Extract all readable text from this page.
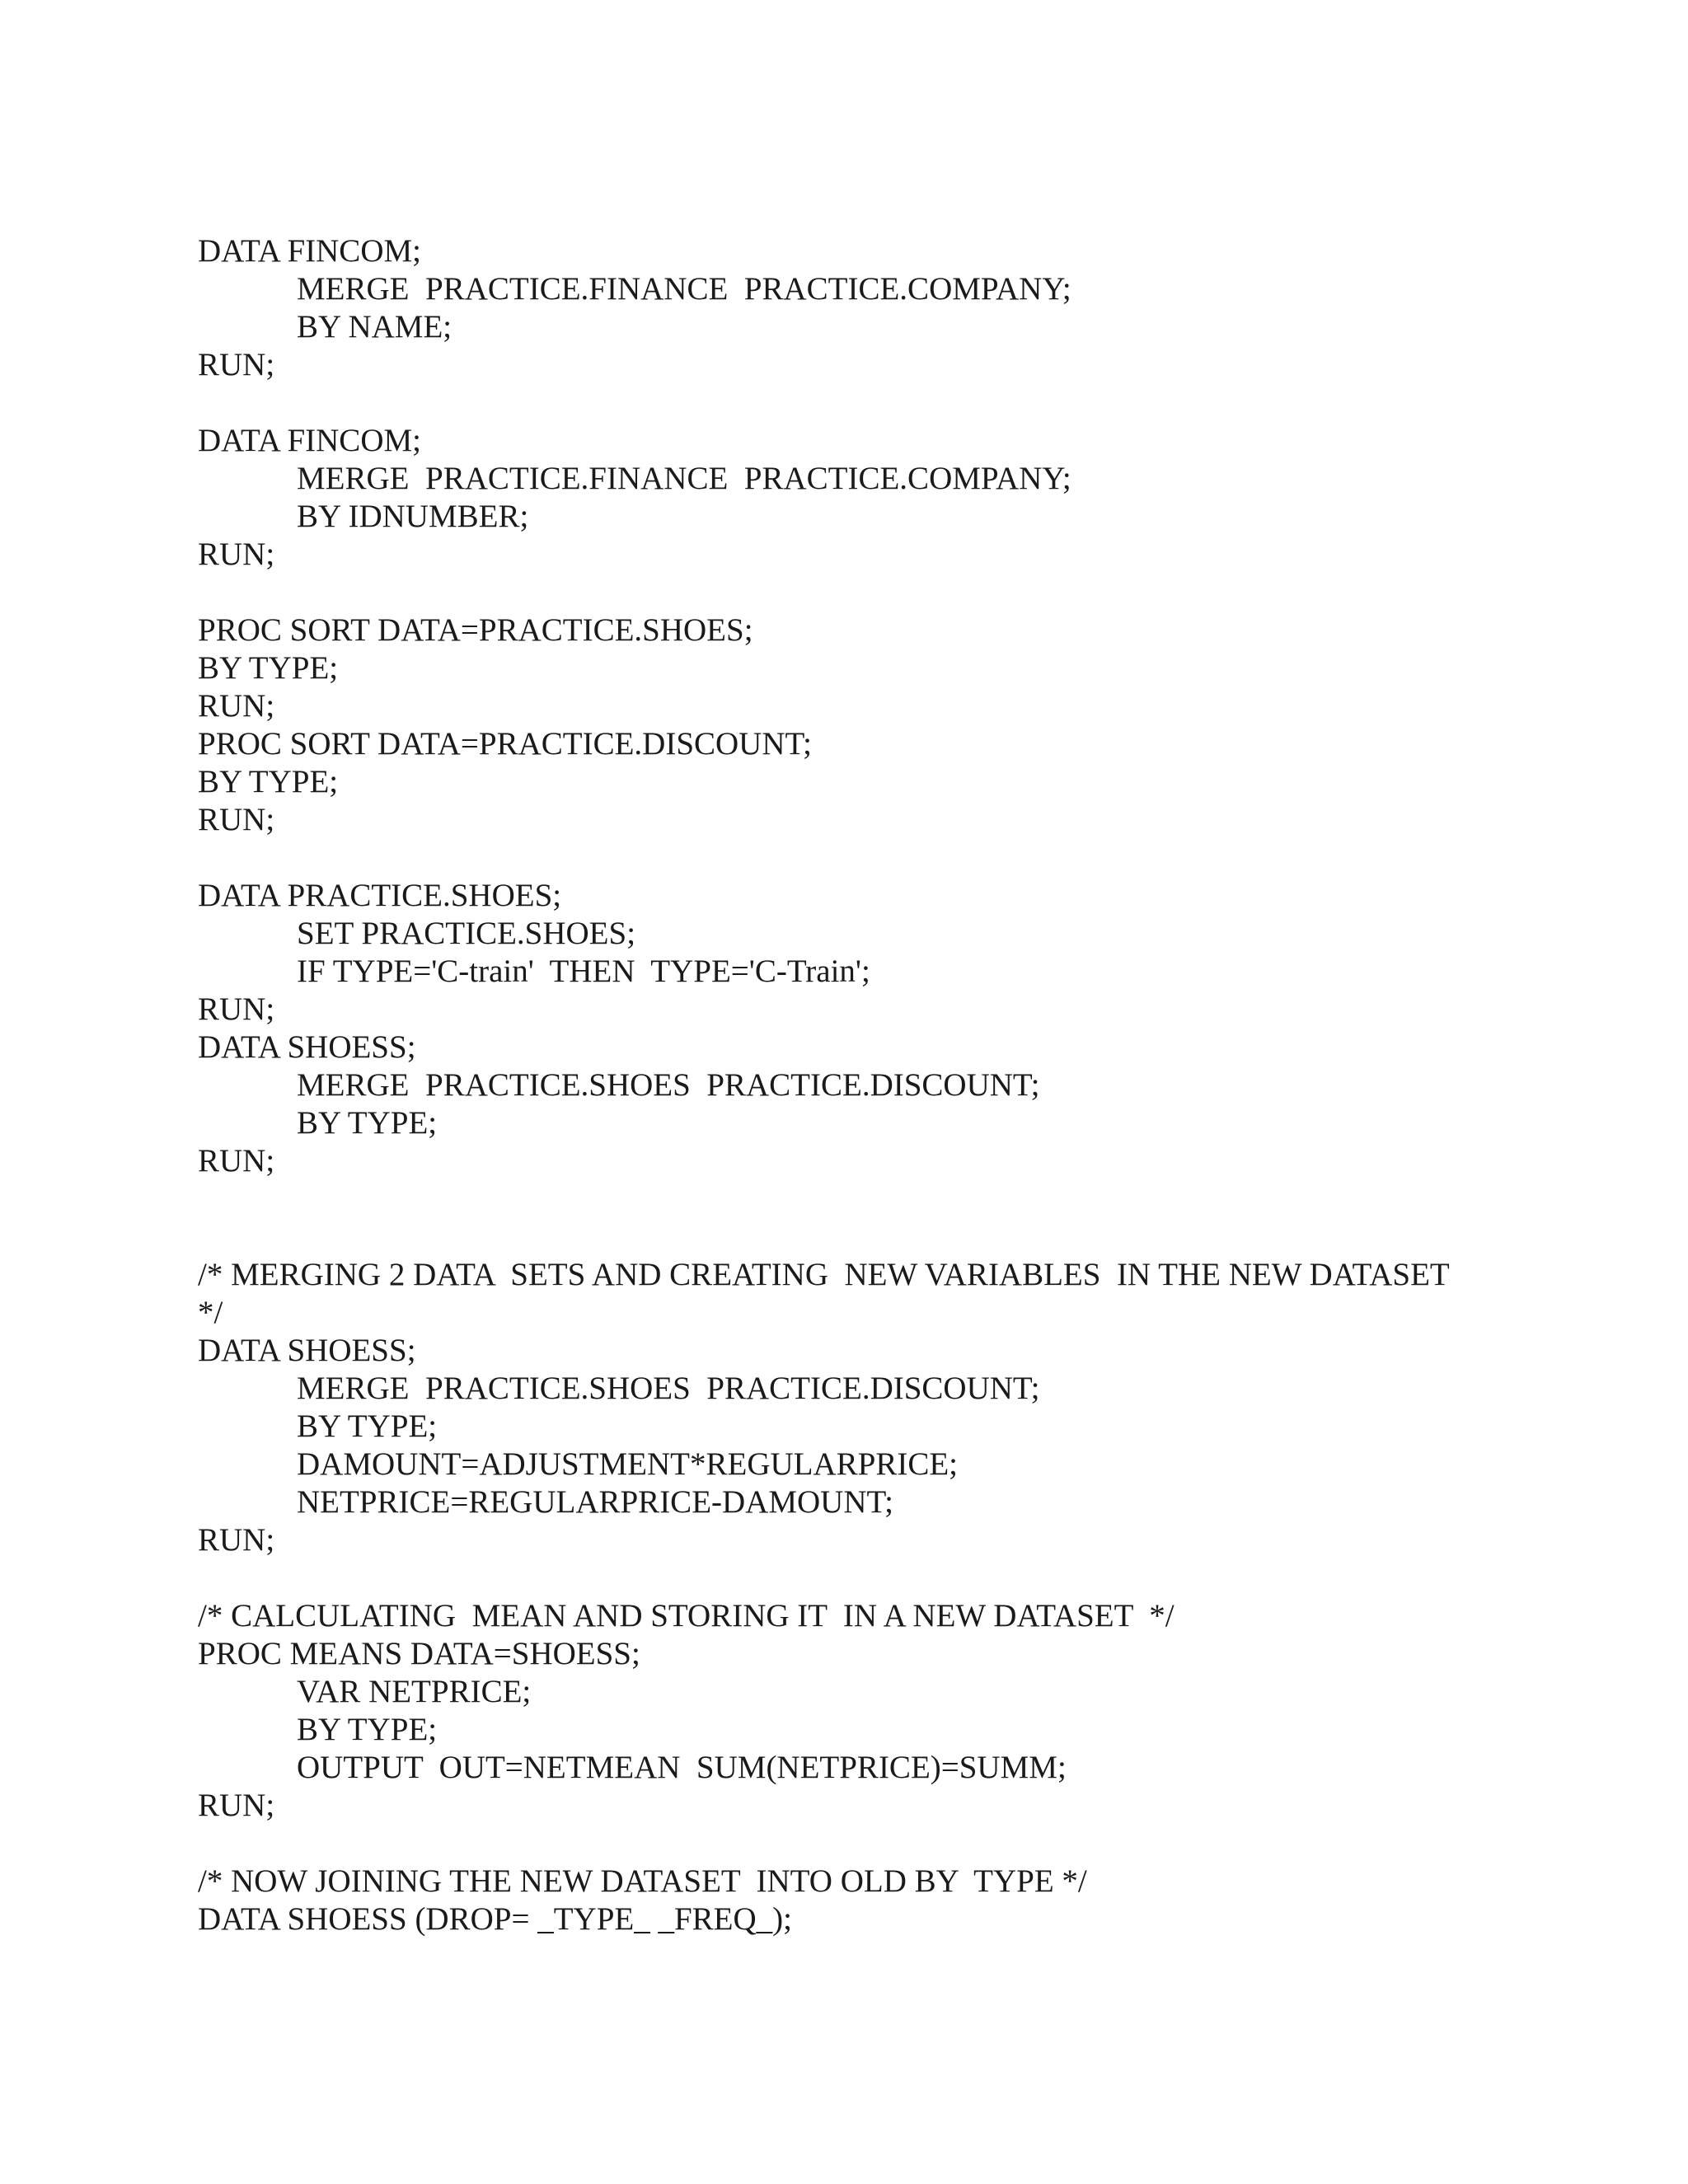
DATA FINCOM;
MERGE  PRACTICE.FINANCE  PRACTICE.COMPANY;
BY NAME;
RUN;
DATA FINCOM;
MERGE  PRACTICE.FINANCE  PRACTICE.COMPANY;
BY IDNUMBER;
RUN;
PROC SORT DATA=PRACTICE.SHOES;
BY TYPE;
RUN;
PROC SORT DATA=PRACTICE.DISCOUNT;
BY TYPE;
RUN;
DATA PRACTICE.SHOES;
SET PRACTICE.SHOES;
IF TYPE='C-train'  THEN  TYPE='C-Train';
RUN;
DATA SHOESS;
MERGE  PRACTICE.SHOES  PRACTICE.DISCOUNT;
BY TYPE;
RUN;
/* MERGING 2 DATA  SETS AND CREATING  NEW VARIABLES  IN THE NEW DATASET
*/
DATA SHOESS;
MERGE  PRACTICE.SHOES  PRACTICE.DISCOUNT;
BY TYPE;
DAMOUNT=ADJUSTMENT*REGULARPRICE;
NETPRICE=REGULARPRICE-DAMOUNT;
RUN;
/* CALCULATING  MEAN AND STORING IT  IN A NEW DATASET  */
PROC MEANS DATA=SHOESS;
VAR NETPRICE;
BY TYPE;
OUTPUT  OUT=NETMEAN  SUM(NETPRICE)=SUMM;
RUN;
/* NOW JOINING THE NEW DATASET  INTO OLD BY  TYPE */
DATA SHOESS (DROP= _TYPE_ _FREQ_);
